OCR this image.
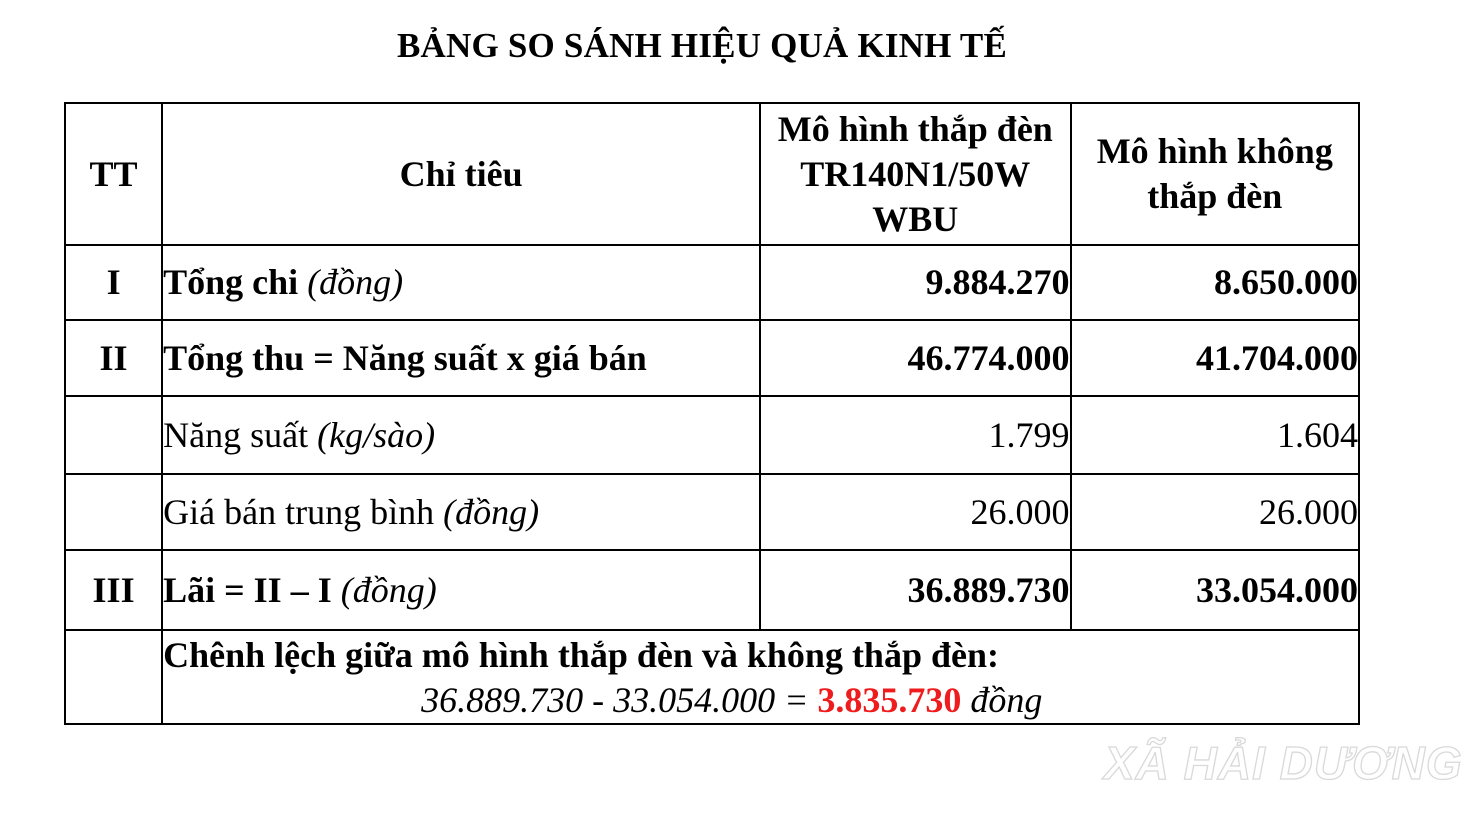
BẢNG SO SÁNH HIỆU QUẢ KINH TẾ
TT	Chỉ tiêu	Mô hình thắp đèn TR140N1/50W WBU	Mô hình không thắp đèn
I	Tổng chi (đồng)	9.884.270	8.650.000
II	Tổng thu = Năng suất x giá bán	46.774.000	41.704.000
	Năng suất (kg/sào)	1.799	1.604
	Giá bán trung bình (đồng)	26.000	26.000
III	Lãi = II – I (đồng)	36.889.730	33.054.000

	Chênh lệch giữa mô hình thắp đèn và không thắp đèn:
36.889.730 - 33.054.000 = 3.835.730 đồng		
XÃ HẢI DƯƠNG
